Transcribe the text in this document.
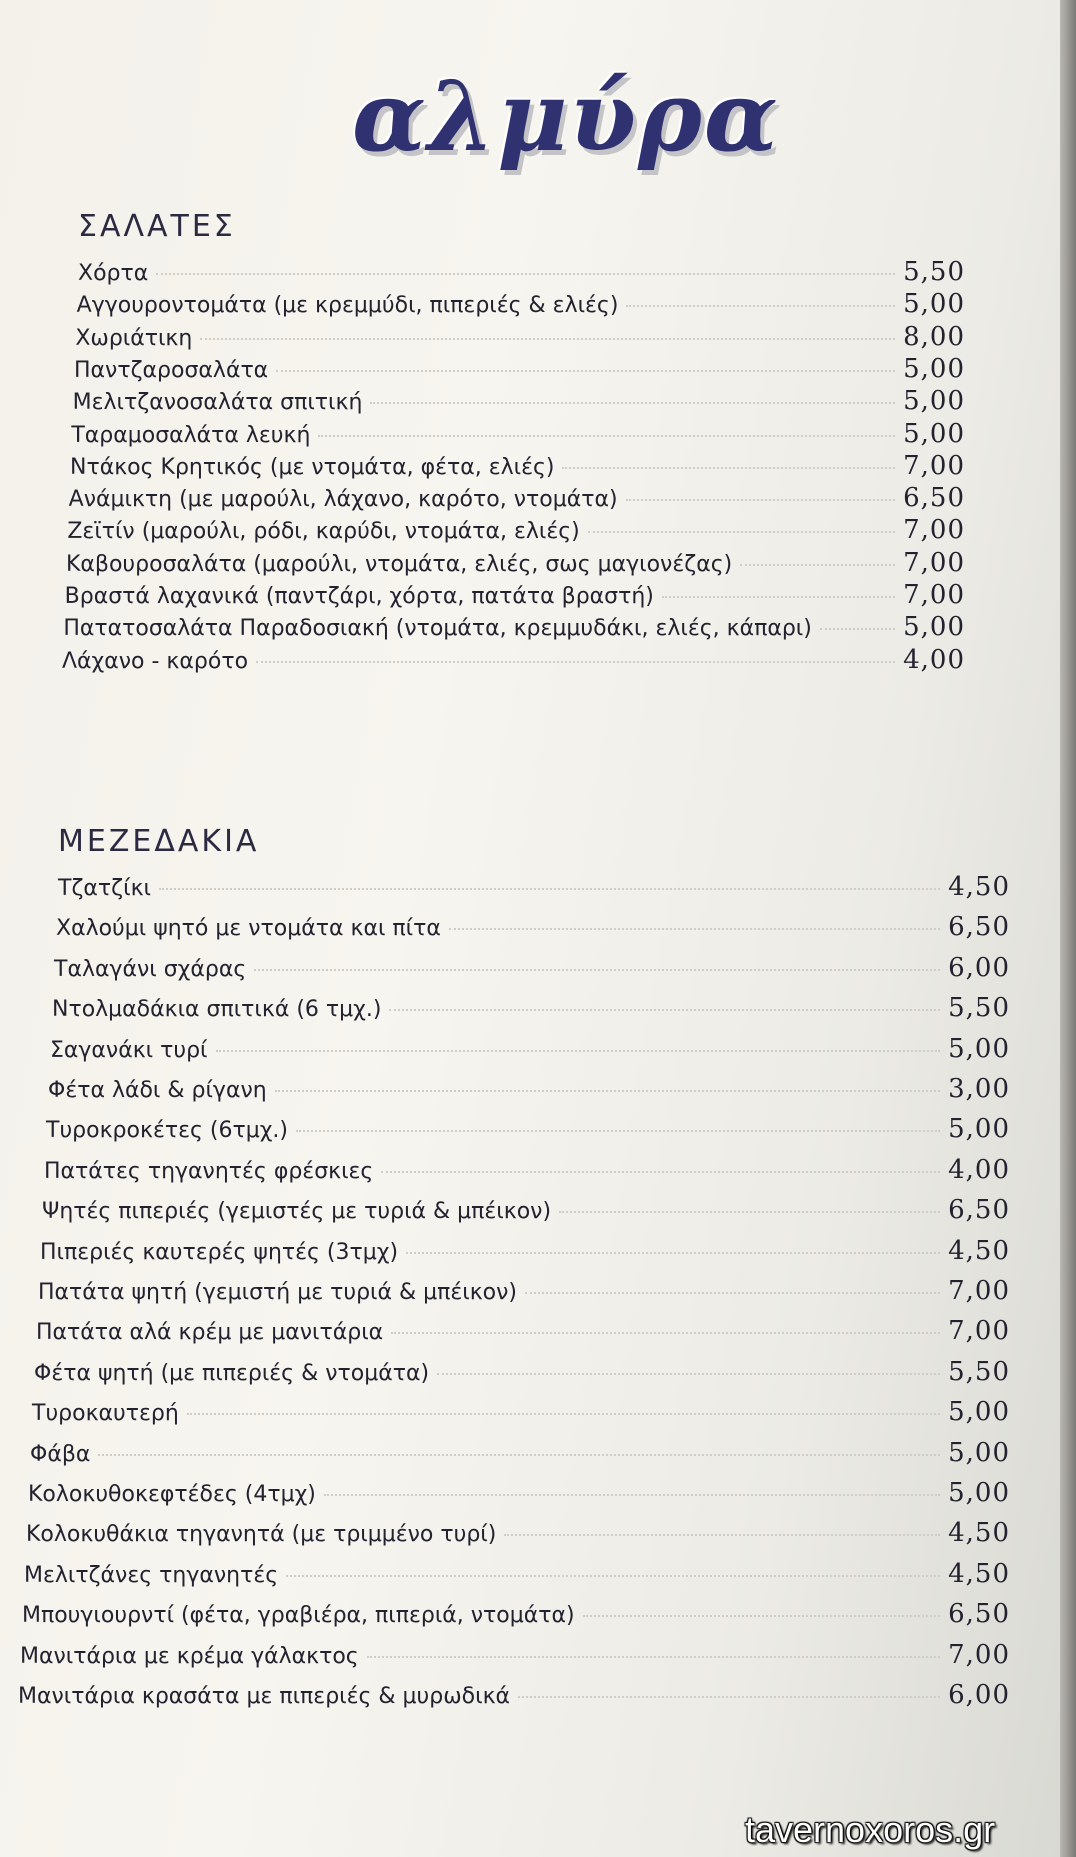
αλμύρα
ΣΑΛΑΤΕΣ
Χόρτα	5,50
Αγγουροντομάτα (με κρεμμύδι, πιπεριές & ελιές)	5,00
Χωριάτικη	8,00
Παντζαροσαλάτα	5,00
Μελιτζανοσαλάτα σπιτική	5,00
Ταραμοσαλάτα λευκή	5,00
Ντάκος Κρητικός (με ντομάτα, φέτα, ελιές)	7,00
Ανάμικτη (με μαρούλι, λάχανο, καρότο, ντομάτα)	6,50
Ζεϊτίν (μαρούλι, ρόδι, καρύδι, ντομάτα, ελιές)	7,00
Καβουροσαλάτα (μαρούλι, ντομάτα, ελιές, σως μαγιονέζας)	7,00
Βραστά λαχανικά (παντζάρι, χόρτα, πατάτα βραστή)	7,00
Πατατοσαλάτα Παραδοσιακή (ντομάτα, κρεμμυδάκι, ελιές, κάπαρι)	5,00
Λάχανο - καρότο	4,00
ΜΕΖΕΔΑΚΙΑ
Τζατζίκι	4,50
Χαλούμι ψητό με ντομάτα και πίτα	6,50
Ταλαγάνι σχάρας	6,00
Ντολμαδάκια σπιτικά (6 τμχ.)	5,50
Σαγανάκι τυρί	5,00
Φέτα λάδι & ρίγανη	3,00
Τυροκροκέτες (6τμχ.)	5,00
Πατάτες τηγανητές φρέσκιες	4,00
Ψητές πιπεριές (γεμιστές με τυριά & μπέικον)	6,50
Πιπεριές καυτερές ψητές (3τμχ)	4,50
Πατάτα ψητή (γεμιστή με τυριά & μπέικον)	7,00
Πατάτα αλά κρέμ με μανιτάρια	7,00
Φέτα ψητή (με πιπεριές & ντομάτα)	5,50
Τυροκαυτερή	5,00
Φάβα	5,00
Κολοκυθοκεφτέδες (4τμχ)	5,00
Κολοκυθάκια τηγανητά (με τριμμένο τυρί)	4,50
Μελιτζάνες τηγανητές	4,50
Μπουγιουρντί (φέτα, γραβιέρα, πιπεριά, ντομάτα)	6,50
Μανιτάρια με κρέμα γάλακτος	7,00
Μανιτάρια κρασάτα με πιπεριές & μυρωδικά	6,00
tavernoxoros.gr
